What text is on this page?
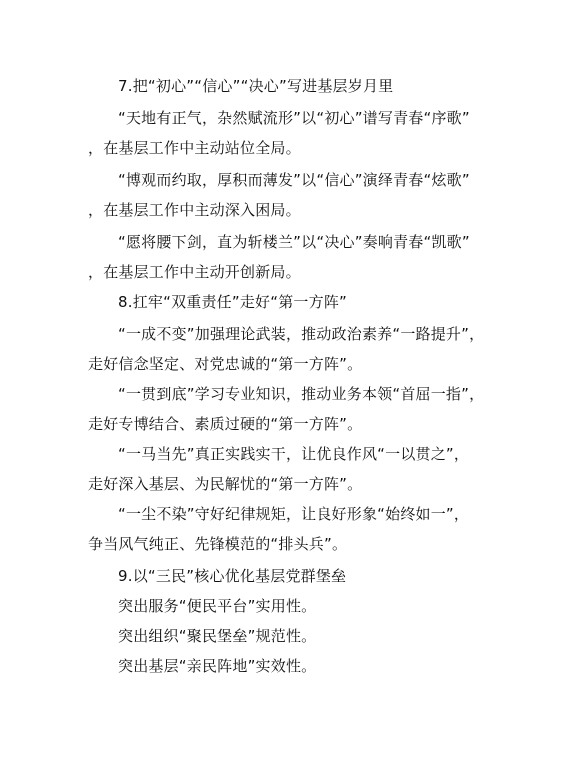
7.把“初心”“信心”“决心”写进基层岁月里
“天地有正气，杂然赋流形”以“初心”谱写青春“序歌”
，在基层工作中主动站位全局。
“博观而约取，厚积而薄发”以“信心”演绎青春“炫歌”
，在基层工作中主动深入困局。
“愿将腰下剑，直为斩楼兰”以“决心”奏响青春“凯歌”
，在基层工作中主动开创新局。
8.扛牢“双重责任”走好“第一方阵”
“一成不变”加强理论武装，推动政治素养“一路提升”，
走好信念坚定、对党忠诚的“第一方阵”。
“一贯到底”学习专业知识，推动业务本领“首屈一指”，
走好专博结合、素质过硬的“第一方阵”。
“一马当先”真正实践实干，让优良作风“一以贯之”，
走好深入基层、为民解忧的“第一方阵”。
“一尘不染”守好纪律规矩，让良好形象“始终如一”，
争当风气纯正、先锋模范的“排头兵”。
9.以“三民”核心优化基层党群堡垒
突出服务“便民平台”实用性。
突出组织“聚民堡垒”规范性。
突出基层“亲民阵地”实效性。
